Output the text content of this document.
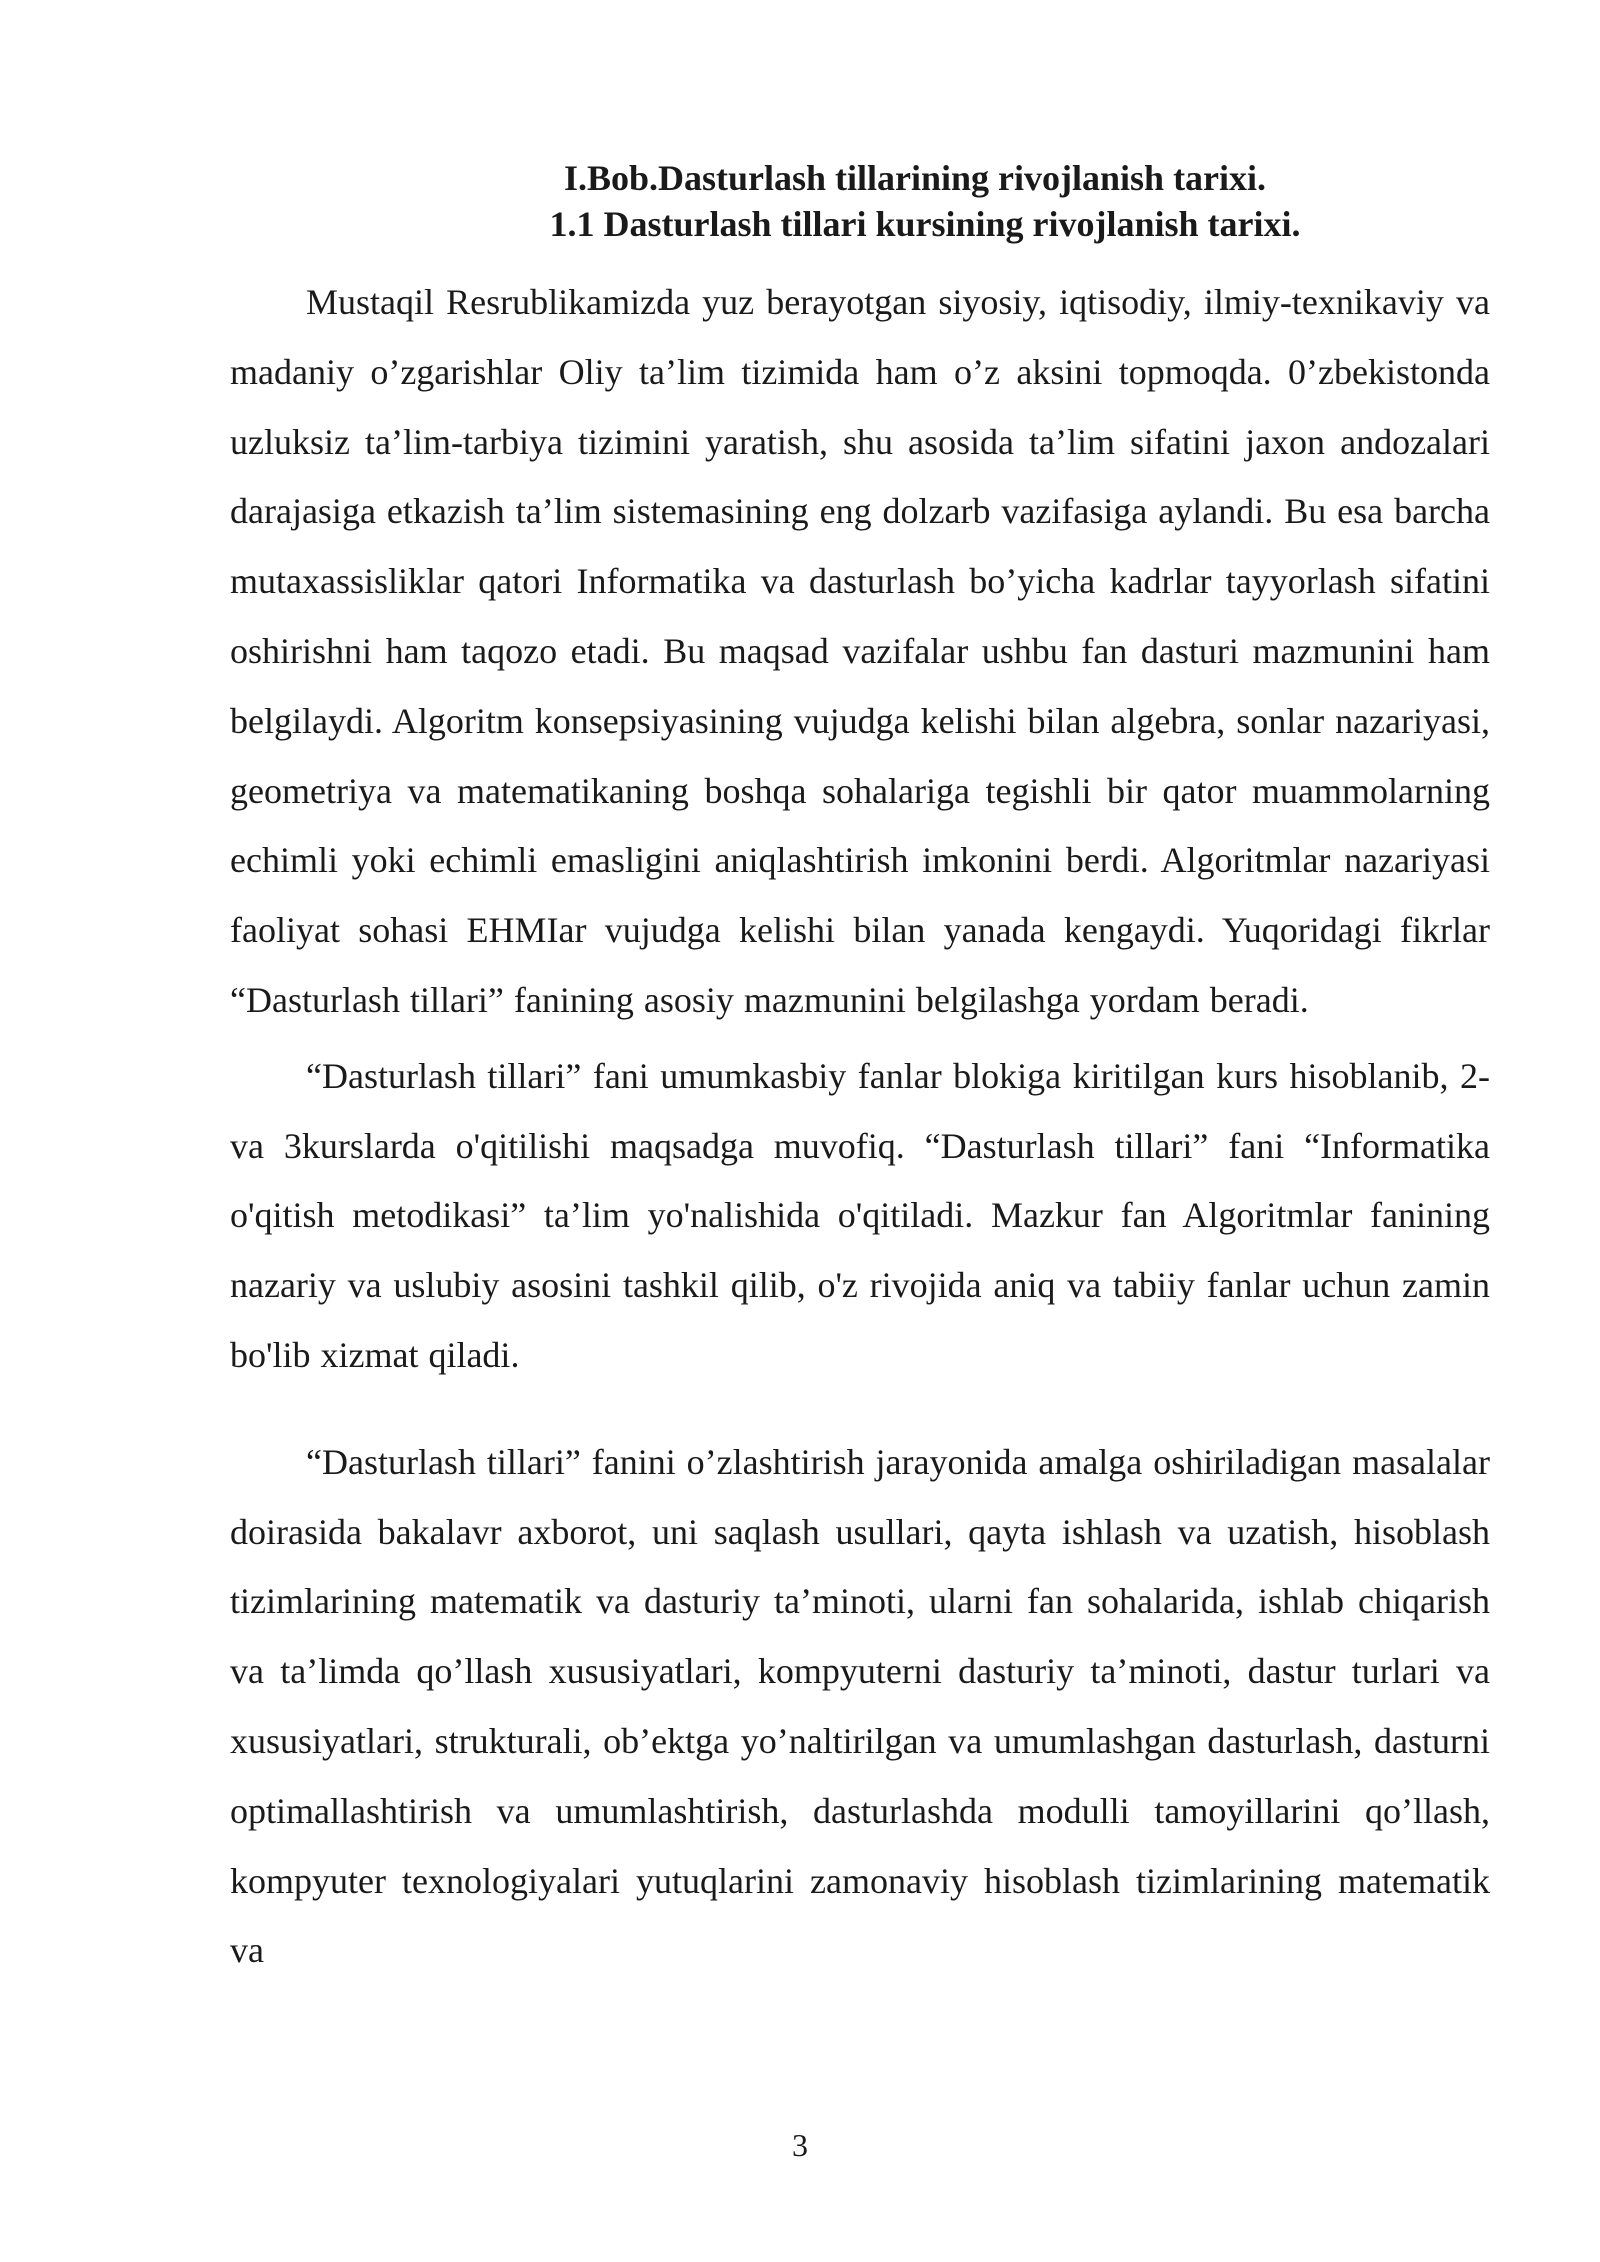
I.Bob.Dasturlash tillarining rivojlanish tarixi.

1.1 Dasturlash tillari kursining rivojlanish tarixi.

Mustaqil Resrublikamizda yuz berayotgan siyosiy, iqtisodiy, ilmiy-texnikaviy va madaniy o’zgarishlar Oliy ta’lim tizimida ham o’z aksini topmoqda. 0’zbekistonda uzluksiz ta’lim-tarbiya tizimini yaratish, shu asosida ta’lim sifatini jaxon andozalari darajasiga etkazish ta’lim sistemasining eng dolzarb vazifasiga aylandi. Bu esa barcha mutaxassisliklar qatori Informatika va dasturlash bo’yicha kadrlar tayyorlash sifatini oshirishni ham taqozo etadi. Bu maqsad vazifalar ushbu fan dasturi mazmunini ham belgilaydi. Algoritm konsepsiyasining vujudga kelishi bilan algebra, sonlar nazariyasi, geometriya va matematikaning boshqa sohalariga tegishli bir qator muammolarning echimli yoki echimli emasligini aniqlashtirish imkonini berdi. Algoritmlar nazariyasi faoliyat sohasi EHMIar vujudga kelishi bilan yanada kengaydi. Yuqoridagi fikrlar “Dasturlash tillari” fanining asosiy mazmunini belgilashga yordam beradi.

“Dasturlash tillari” fani umumkasbiy fanlar blokiga kiritilgan kurs hisoblanib, 2- va 3kurslarda o'qitilishi maqsadga muvofiq. “Dasturlash tillari” fani “Informatika o'qitish metodikasi” ta’lim yo'nalishida o'qitiladi. Mazkur fan Algoritmlar fanining nazariy va uslubiy asosini tashkil qilib, o'z rivojida aniq va tabiiy fanlar uchun zamin bo'lib xizmat qiladi.

“Dasturlash tillari” fanini o’zlashtirish jarayonida amalga oshiriladigan masalalar doirasida bakalavr axborot, uni saqlash usullari, qayta ishlash va uzatish, hisoblash tizimlarining matematik va dasturiy ta’minoti, ularni fan sohalarida, ishlab chiqarish va ta’limda qo’llash xususiyatlari, kompyuterni dasturiy ta’minoti, dastur turlari va xususiyatlari, strukturali, ob’ektga yo’naltirilgan va umumlashgan dasturlash, dasturni optimallashtirish va umumlashtirish, dasturlashda modulli tamoyillarini qo’llash, kompyuter texnologiyalari yutuqlarini zamonaviy hisoblash tizimlarining matematik va

3
